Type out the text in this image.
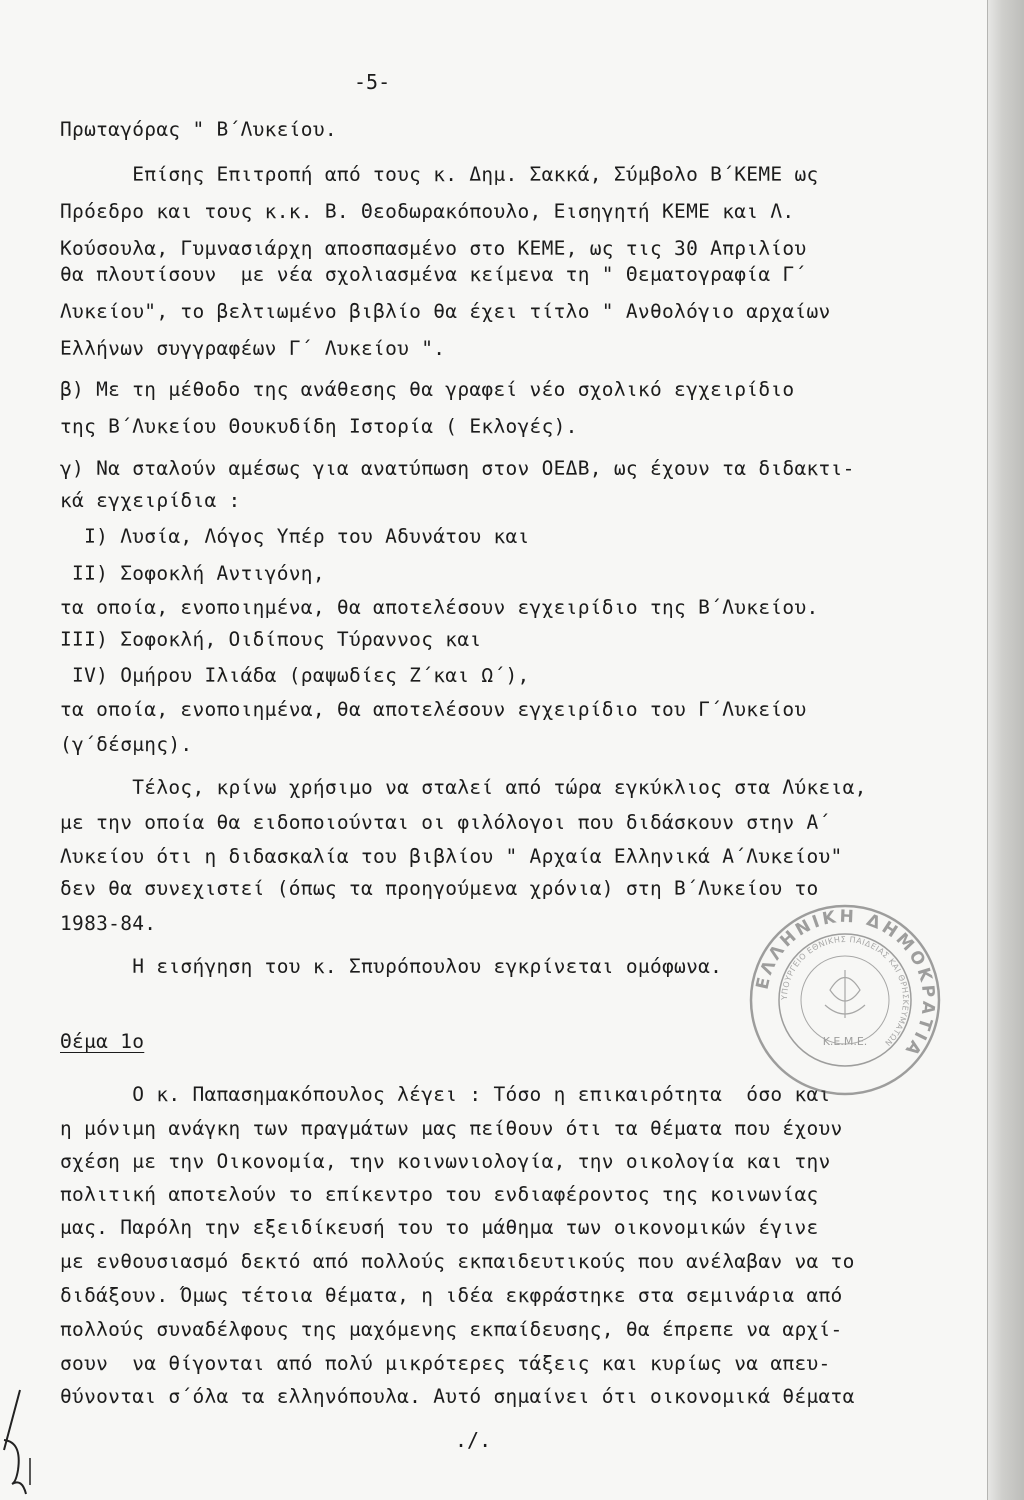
-5-
Πρωταγόρας " Β΄Λυκείου.
Επίσης Επιτροπή από τους κ. Δημ. Σακκά, Σύμβολο Β΄ΚΕΜΕ ως
Πρόεδρο και τους κ.κ. Β. Θεοδωρακόπουλο, Εισηγητή ΚΕΜΕ και Λ.
Κούσουλα, Γυμνασιάρχη αποσπασμένο στο ΚΕΜΕ, ως τις 30 Απριλίου
θα πλουτίσουν  με νέα σχολιασμένα κείμενα τη " Θεματογραφία Γ΄
Λυκείου", το βελτιωμένο βιβλίο θα έχει τίτλο " Ανθολόγιο αρχαίων
Ελλήνων συγγραφέων Γ΄ Λυκείου ".
β) Με τη μέθοδο της ανάθεσης θα γραφεί νέο σχολικό εγχειρίδιο
της Β΄Λυκείου Θουκυδίδη Ιστορία ( Εκλογές).
γ) Να σταλούν αμέσως για ανατύπωση στον ΟΕΔΒ, ως έχουν τα διδακτι-
κά εγχειρίδια :
Ι) Λυσία, Λόγος Υπέρ του Αδυνάτου και
ΙΙ) Σοφοκλή Αντιγόνη,
τα οποία, ενοποιημένα, θα αποτελέσουν εγχειρίδιο της Β΄Λυκείου.
ΙΙΙ) Σοφοκλή, Οιδίπους Τύραννος και
ΙV) Ομήρου Ιλιάδα (ραψωδίες Ζ΄και Ω΄),
τα οποία, ενοποιημένα, θα αποτελέσουν εγχειρίδιο του Γ΄Λυκείου
(γ΄δέσμης).
Τέλος, κρίνω χρήσιμο να σταλεί από τώρα εγκύκλιος στα Λύκεια,
με την οποία θα ειδοποιούνται οι φιλόλογοι που διδάσκουν στην Α΄
Λυκείου ότι η διδασκαλία του βιβλίου " Αρχαία Ελληνικά Α΄Λυκείου"
δεν θα συνεχιστεί (όπως τα προηγούμενα χρόνια) στη Β΄Λυκείου το
1983-84.
Η εισήγηση του κ. Σπυρόπουλου εγκρίνεται ομόφωνα.
Θέμα 1ο
Ο κ. Παπασημακόπουλος λέγει : Τόσο η επικαιρότητα  όσο και
η μόνιμη ανάγκη των πραγμάτων μας πείθουν ότι τα θέματα που έχουν
σχέση με την Οικονομία, την κοινωνιολογία, την οικολογία και την
πολιτική αποτελούν το επίκεντρο του ενδιαφέροντος της κοινωνίας
μας. Παρόλη την εξειδίκευσή του το μάθημα των οικονομικών έγινε
με ενθουσιασμό δεκτό από πολλούς εκπαιδευτικούς που ανέλαβαν να το
διδάξουν. Όμως τέτοια θέματα, η ιδέα εκφράστηκε στα σεμινάρια από
πολλούς συναδέλφους της μαχόμενης εκπαίδευσης, θα έπρεπε να αρχί-
σουν  να θίγονται από πολύ μικρότερες τάξεις και κυρίως να απευ-
θύνονται σ΄όλα τα ελληνόπουλα. Αυτό σημαίνει ότι οικονομικά θέματα
./.
ΕΛΛΗΝΙΚΗ ΔΗΜΟΚΡΑΤΙΑ
ΥΠΟΥΡΓΕΙΟ ΕΘΝΙΚΗΣ ΠΑΙΔΕΙΑΣ ΚΑΙ ΘΡΗΣΚΕΥΜΑΤΩΝ
Κ.Ε.Μ.Ε.
